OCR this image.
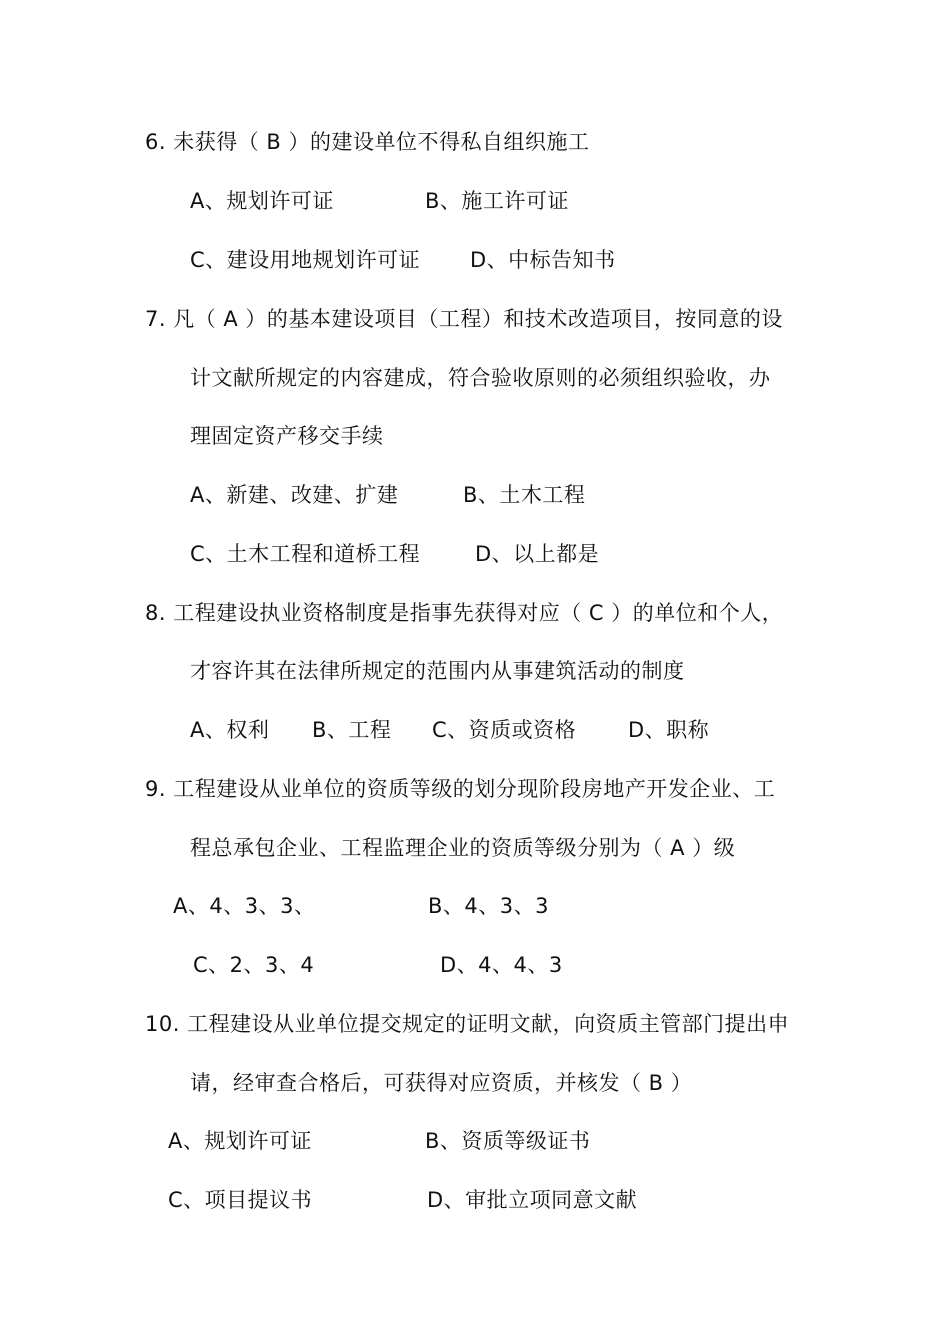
6. 未获得（ B ）的建设单位不得私自组织施工
A、规划许可证	B、施工许可证
C、建设用地规划许可证 D、中标告知书
7. 凡（ A ）的基本建设项目（工程）和技术改造项目，按同意的设
计文献所规定的内容建成，符合验收原则的必须组织验收，办
理固定资产移交手续
A、新建、改建、扩建	B、土木工程
C、土木工程和道桥工程	D、以上都是
8. 工程建设执业资格制度是指事先获得对应（ C ）的单位和个人，
才容许其在法律所规定的范围内从事建筑活动的制度
A、权利 B、工程 C、资质或资格 D、职称
9. 工程建设从业单位的资质等级的划分现阶段房地产开发企业、工
程总承包企业、工程监理企业的资质等级分别为（ A ）级
A、4、3、3、	B、4、3、3
C、2、3、4	D、4、4、3
10. 工程建设从业单位提交规定的证明文献，向资质主管部门提出申
请，经审查合格后，可获得对应资质，并核发（ B ）
A、规划许可证	B、资质等级证书
C、项目提议书	D、审批立项同意文献
